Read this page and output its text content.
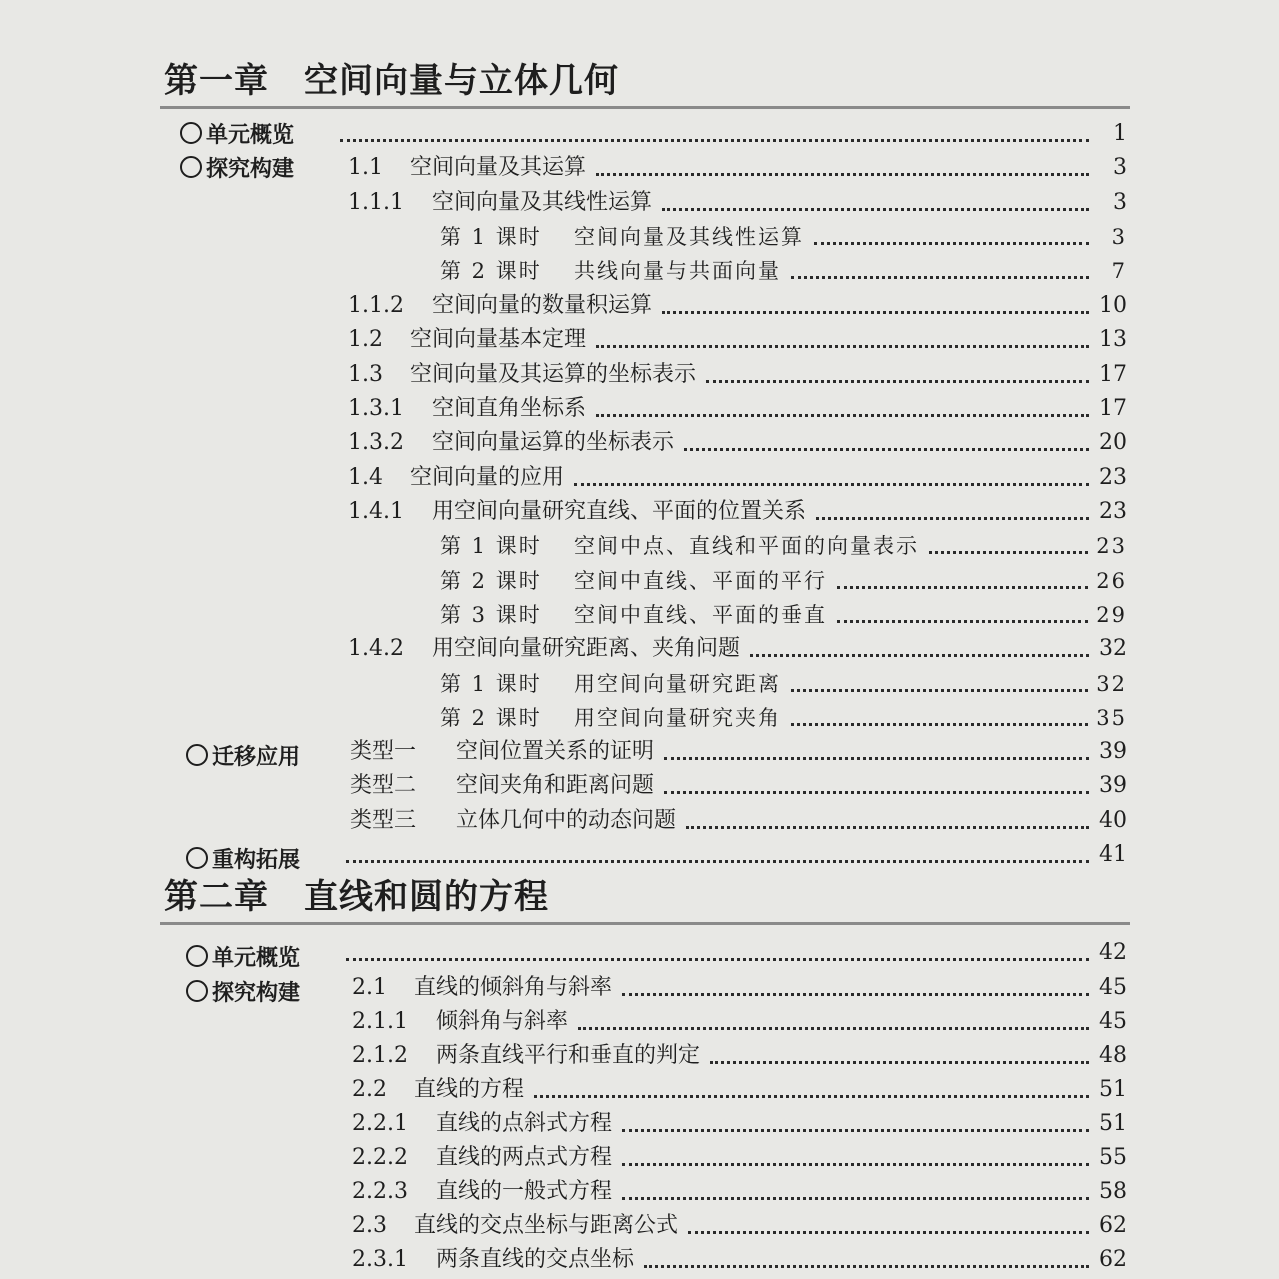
第一章　空间向量与立体几何
单元概览	1
探究构建 1.1	空间向量及其运算	3
1.1.1	空间向量及其线性运算	3
第 1 课时	空间向量及其线性运算	3
第 2 课时	共线向量与共面向量	7
1.1.2	空间向量的数量积运算	10
1.2	空间向量基本定理	13
1.3	空间向量及其运算的坐标表示	17
1.3.1	空间直角坐标系	17
1.3.2	空间向量运算的坐标表示	20
1.4	空间向量的应用	23
1.4.1	用空间向量研究直线、平面的位置关系	23
第 1 课时	空间中点、直线和平面的向量表示	23
第 2 课时	空间中直线、平面的平行	26
第 3 课时	空间中直线、平面的垂直	29
1.4.2	用空间向量研究距离、夹角问题	32
第 1 课时	用空间向量研究距离	32
第 2 课时	用空间向量研究夹角	35
迁移应用 类型一	空间位置关系的证明	39
类型二	空间夹角和距离问题	39
类型三	立体几何中的动态问题	40
重构拓展	41
第二章　直线和圆的方程
单元概览	42
探究构建 2.1	直线的倾斜角与斜率	45
2.1.1	倾斜角与斜率	45
2.1.2	两条直线平行和垂直的判定	48
2.2	直线的方程	51
2.2.1	直线的点斜式方程	51
2.2.2	直线的两点式方程	55
2.2.3	直线的一般式方程	58
2.3	直线的交点坐标与距离公式	62
2.3.1	两条直线的交点坐标	62
